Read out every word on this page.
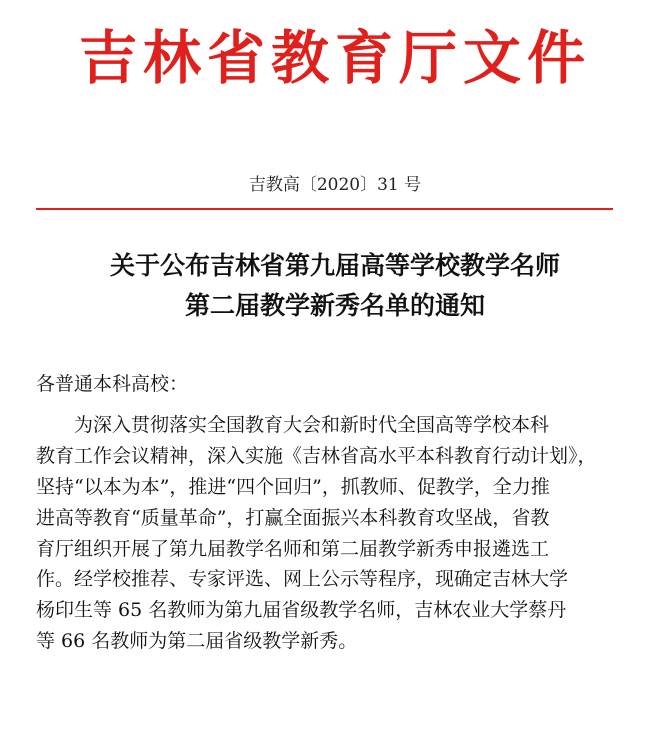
吉林省教育厅文件
吉教高〔2020〕31 号
关于公布吉林省第九届高等学校教学名师
第二届教学新秀名单的通知
各普通本科高校：
为深入贯彻落实全国教育大会和新时代全国高等学校本科
教育工作会议精神，深入实施《吉林省高水平本科教育行动计划》，
坚持“以本为本”，推进“四个回归”，抓教师、促教学，全力推
进高等教育“质量革命”，打赢全面振兴本科教育攻坚战，省教
育厅组织开展了第九届教学名师和第二届教学新秀申报遴选工
作。经学校推荐、专家评选、网上公示等程序，现确定吉林大学
杨印生等 65 名教师为第九届省级教学名师，吉林农业大学蔡丹
等 66 名教师为第二届省级教学新秀。
